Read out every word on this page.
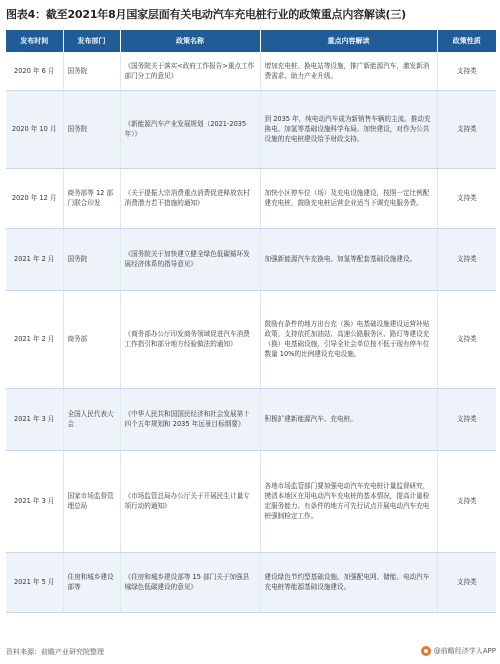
图表4：截至2021年8月国家层面有关电动汽车充电桩行业的政策重点内容解读(三)
发布时间	发布部门	政策名称	重点内容解读	政策性质
2020 年 6 月	国务院	《国务院关于落实<政府工作报告>重点工作部门分工的意见》	增加充电桩、换电站等设施，推广新能源汽车，激发新消费需求、助力产业升级。	支持类
2020 年 10 月	国务院	《新能源汽车产业发展规划（2021-2035 年）》	到 2035 年，纯电动汽车成为新销售车辆的主流。推动充换电、加氢等基础设施科学布局、加快建设，对作为公共设施的充电桩建设给予财政支持。	支持类
2020 年 12 月	商务部等 12 部门联合印发	《关于提振大宗消费重点消费促进释放农村消费潜力若干措施的通知》	加快小区停车位（场）及充电设施建设，按照一定比例配建充电桩，鼓励充电桩运营企业适当下调充电服务费。	支持类
2021 年 2 月	国务院	《国务院关于加快建立健全绿色低碳循环发展经济体系的指导意见》	加强新能源汽车充换电、加氢等配套基础设施建设。	支持类
2021 年 2 月	商务部	《商务部办公厅印发商务领域促进汽车消费工作指引和部分地方经验做法的通知》	鼓励有条件的地方出台充（换）电基础设施建设运营补贴政策，支持依托加油站、高速公路服务区、路灯等建设充（换）电基础设施，引导全社会单位按不低于现有停车位数量 10%的比例建设充电设施。	支持类
2021 年 3 月	全国人民代表大会	《中华人民共和国国民经济和社会发展第十四个五年规划和 2035 年远景目标纲要》	积极扩建新能源汽车、充电桩。	支持类
2021 年 3 月	国家市场监督管理总局	《市场监管总局办公厅关于开展民生计量专项行动的通知》	各地市场监管部门要加强电动汽车充电桩计量监督研究，摸清本地区在用电动汽车充电桩的基本情况，提高计量检定服务能力。有条件的地方可先行试点开展电动汽车充电桩强制检定工作。	支持类
2021 年 5 月	住房和城乡建设部等	《住房和城乡建设部等 15 部门关于加强县城绿色低碳建设的意见》	建设绿色节约型基础设施。加强配电网、储能、电动汽车充电桩等能源基础设施建设。	支持类
资料来源：前瞻产业研究院整理	@前瞻经济学人APP
